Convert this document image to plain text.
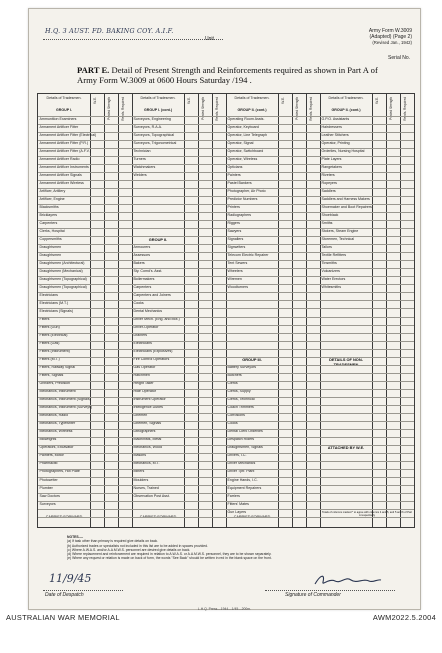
H.Q. 3 AUST. FD. BAKING COY. A.I.F.
Unit
Army Form W.3009
(Adapted) (Page 2)
(Revised Jan., 1942)
Serial No.
PART E. Detail of Present Strength and Reinforcements required as shown in Part A of Army Form W.3009 at 0600 Hours Saturday /194 .
Details of Tradesmen.
GROUP I.
W.E.	Posted Strength	Reinfs. Required
Ammunition Examiners
Armament Artificer Fitter
Armament Artificer Fitter (Electrical)
Armament Artificer Fitter (P.R.)
Armament Artificer Fitter (A.F.V.)
Armament Artificer Radio
Armament Artificer Instruments
Armament Artificer Signals
Armament Artificer Wireless
Artificer, Artillery
Artificer, Engine
Blacksmiths
Bricklayers
Carpenters
Clerks, Hospital
Coppersmiths
Draughtsmen
Draughtsmen
Draughtsmen (Architectural)
Draughtsmen (Mechanical)
Draughtsmen (Topographical)
Draughtsmen (Topographical)
Electricians
Electricians (M.T.)
Electricians (Signals)
Fitters
Fitters (Gun)
Fitters (Electrical)
Fitters (Gas)
Fitters (Instrument)
Fitters (M.T.)
Fitters, Railway Signal
Fitters, Signals
Grinders, Precision
Mechanics, Instrument
Mechanics, Instrument (Signals)
Mechanics, Instrument (Surveys)
Mechanics, Radio
Mechanics, Typewriter
Mechanics, Wireless
Millwrights
Operators, Excavator
Painters, Motor
Pharmacist
Photographers, Hot Plate
Photowriter
Plumber
Saw Doctors
Surveyors
CARRIED FORWARD
Details of Tradesmen.
GROUP I. (cont.)
W.E.	Posted Strength	Reinfs. Required
Surveyors, Engineering
Surveyors, R.A.A.
Surveyors, Topographical
Surveyors, Trigonometrical
Technician
Turners
Watchmakers
Welders
GROUP II.
Armourers
Assessors
Bakers
Sty. Comd's. Asst.
Boilermakers
Carpenters
Carpenters and Joiners
Cooks
Dental Mechanics
Driver Mech. (Eng. and Mot.)
Driver-Operator
Drainers
Electricians
Electricians (Explosives)
Fire Control Operators
Gas Operator
Hatchmen
Height Taker
Hide Operator
Instrument Operator
Intelligence Duties
Linemen
Linemen, Signals
Lithographers
Machinists, Metal
Mechanics, Wood
Masons
Mechanics, M.T.
Miners
Moulders
Nurses, Trained
Observation Post Asst.
CARRIED FORWARD
Details of Tradesmen.
GROUP II. (cont.)
W.E.	Posted Strength	Reinfs. Required
Operating Room Assts.
Operator, Keyboard
Operator, Line Telegraph
Operator, Signal
Operator, Switchboard
Operator, Wireless
Opticians
Painters
Pastel Bankers
Photographer, Air Photo
Predictor Numbers
Printers
Radiographers
Riggers
Sawyers
Signallers
Signwriters
Telecom Electric Repairer
Tent Sewers
Wheelers
Wiremen
Woodturners
GROUP III.
Battery Surveyors
Butchers
Clerks
Clerks, Supply
Clerks, Technical
Coach Trimmers
Corrosions
Cooks
Dental Clerk Orderlies
Despatch Riders
Draughtsmen, Signals
Drivers, I.C.
Driver Mechanics
Driver Tptr. Plant
Engine Hands, I.C.
Equipment Repairers
Farriers
Fitters' Mates
Gun Layers
CARRIED FORWARD
Details of Tradesmen.
GROUP II. (cont.)
W.E.	Posted Strength	Reinfs. Required
G.P.O. Assistants
Hairdressers
Leather Stitchers
Operator, Printing
Orderlies, Nursing Hospital
Plate Layers
Rangetakers
Riveters
Ropeyers
Saddlers
Saddlers and Harness Makers
Shoemaker and Boot Repairers
Shoeblack
Smiths
Stokers, Steam Engine
Storemen, Technical
Tailors
Textile Refitters
Tinsmiths
Vulcanizers
Water Erectors
Whitesmiths
DETAILS OF NON-TRADESMEN
ATTACHED BY W.E.
Totals of columns marked * to agree with columns 4 and 5, and 5 and 6 of Part A respectively
NOTES.—
(a) If task other than primary is required give details on back.
(b) Authorized trades or specialists not included in this list are to be added in spaces provided.
(c) Where A.W.A.S. and/or A.A.M.W.S. personnel are desired give details on back.
(d) Where replacement and reinforcement are required in relation to A.W.A.S. or A.A.M.W.S. personnel, they are to be shown separately.
(e) Where any request or relation is made on back of form, the words "See Back" should be written in red in the blank space on the front.
11/9/45
Date of Despatch	Signature of Commander
L.H.Q. Press—1944—1/45—200m.
AUSTRALIAN WAR MEMORIAL	AWM2022.5.2004
